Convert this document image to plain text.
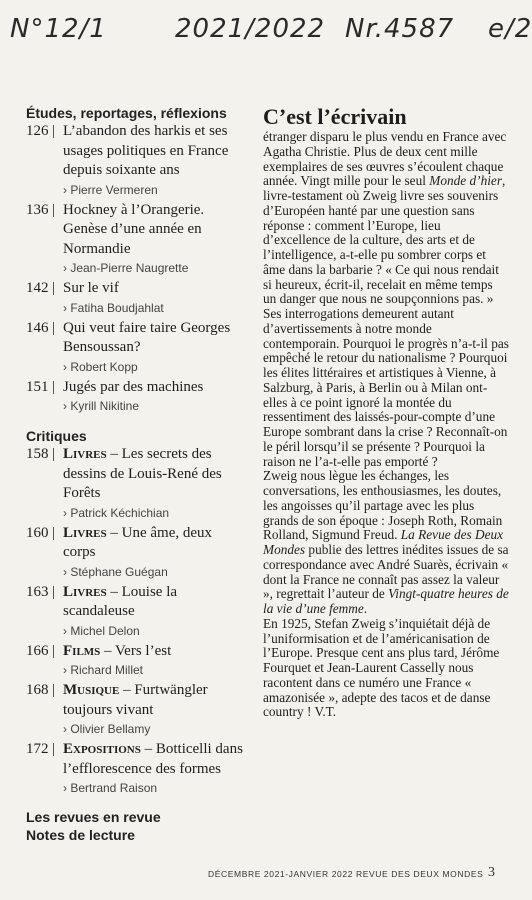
N°12/1	2021/2022 Nr.4587 e/2
Études, reportages, réflexions
126 | L’abandon des harkis et ses usages politiques en France depuis soixante ans
› Pierre Vermeren
136 | Hockney à l’Orangerie. Genèse d’une année en Normandie
› Jean-Pierre Naugrette
142 | Sur le vif
› Fatiha Boudjahlat
146 | Qui veut faire taire Georges Bensoussan?
› Robert Kopp
151 | Jugés par des machines
› Kyrill Nikitine
Critiques
158 | Livres – Les secrets des dessins de Louis-René des Forêts
› Patrick Kéchichian
160 | Livres – Une âme, deux corps
› Stéphane Guégan
163 | Livres – Louise la scandaleuse
› Michel Delon
166 | Films – Vers l’est
› Richard Millet
168 | Musique – Furtwängler toujours vivant
› Olivier Bellamy
172 | Expositions – Botticelli dans l’efflorescence des formes
› Bertrand Raison
Les revues en revue
Notes de lecture
C’est l’écrivain

étranger disparu le plus vendu en France avec Agatha Christie. Plus de deux cent mille exemplaires de ses œuvres s’écoulent chaque année. Vingt mille pour le seul Monde d’hier, livre-testament où Zweig livre ses souvenirs d’Européen hanté par une question sans réponse : comment l’Europe, lieu d’excellence de la culture, des arts et de l’intelligence, a-t-elle pu sombrer corps et âme dans la barbarie ? « Ce qui nous rendait si heureux, écrit-il, recelait en même temps un danger que nous ne soupçonnions pas. » Ses interrogations demeurent autant d’avertissements à notre monde contemporain. Pourquoi le progrès n’a-t-il pas empêché le retour du nationalisme ? Pourquoi les élites littéraires et artistiques à Vienne, à Salzburg, à Paris, à Berlin ou à Milan ont-elles à ce point ignoré la montée du ressentiment des laissés-pour-compte d’une Europe sombrant dans la crise ? Reconnaît-on le péril lorsqu’il se présente ? Pourquoi la raison ne l’a-t-elle pas emporté ?

Zweig nous lègue les échanges, les conversations, les enthousiasmes, les doutes, les angoisses qu’il partage avec les plus grands de son époque : Joseph Roth, Romain Rolland, Sigmund Freud. La Revue des Deux Mondes publie des lettres inédites issues de sa correspondance avec André Suarès, écrivain « dont la France ne connaît pas assez la valeur », regrettait l’auteur de Vingt-quatre heures de la vie d’une femme.

En 1925, Stefan Zweig s’inquiétait déjà de l’uniformisation et de l’américanisation de l’Europe. Presque cent ans plus tard, Jérôme Fourquet et Jean-Laurent Casselly nous racontent dans ce numéro une France « amazonisée », adepte des tacos et de danse country ! V.T.

DÉCEMBRE 2021-JANVIER 2022 REVUE DES DEUX MONDES 3
